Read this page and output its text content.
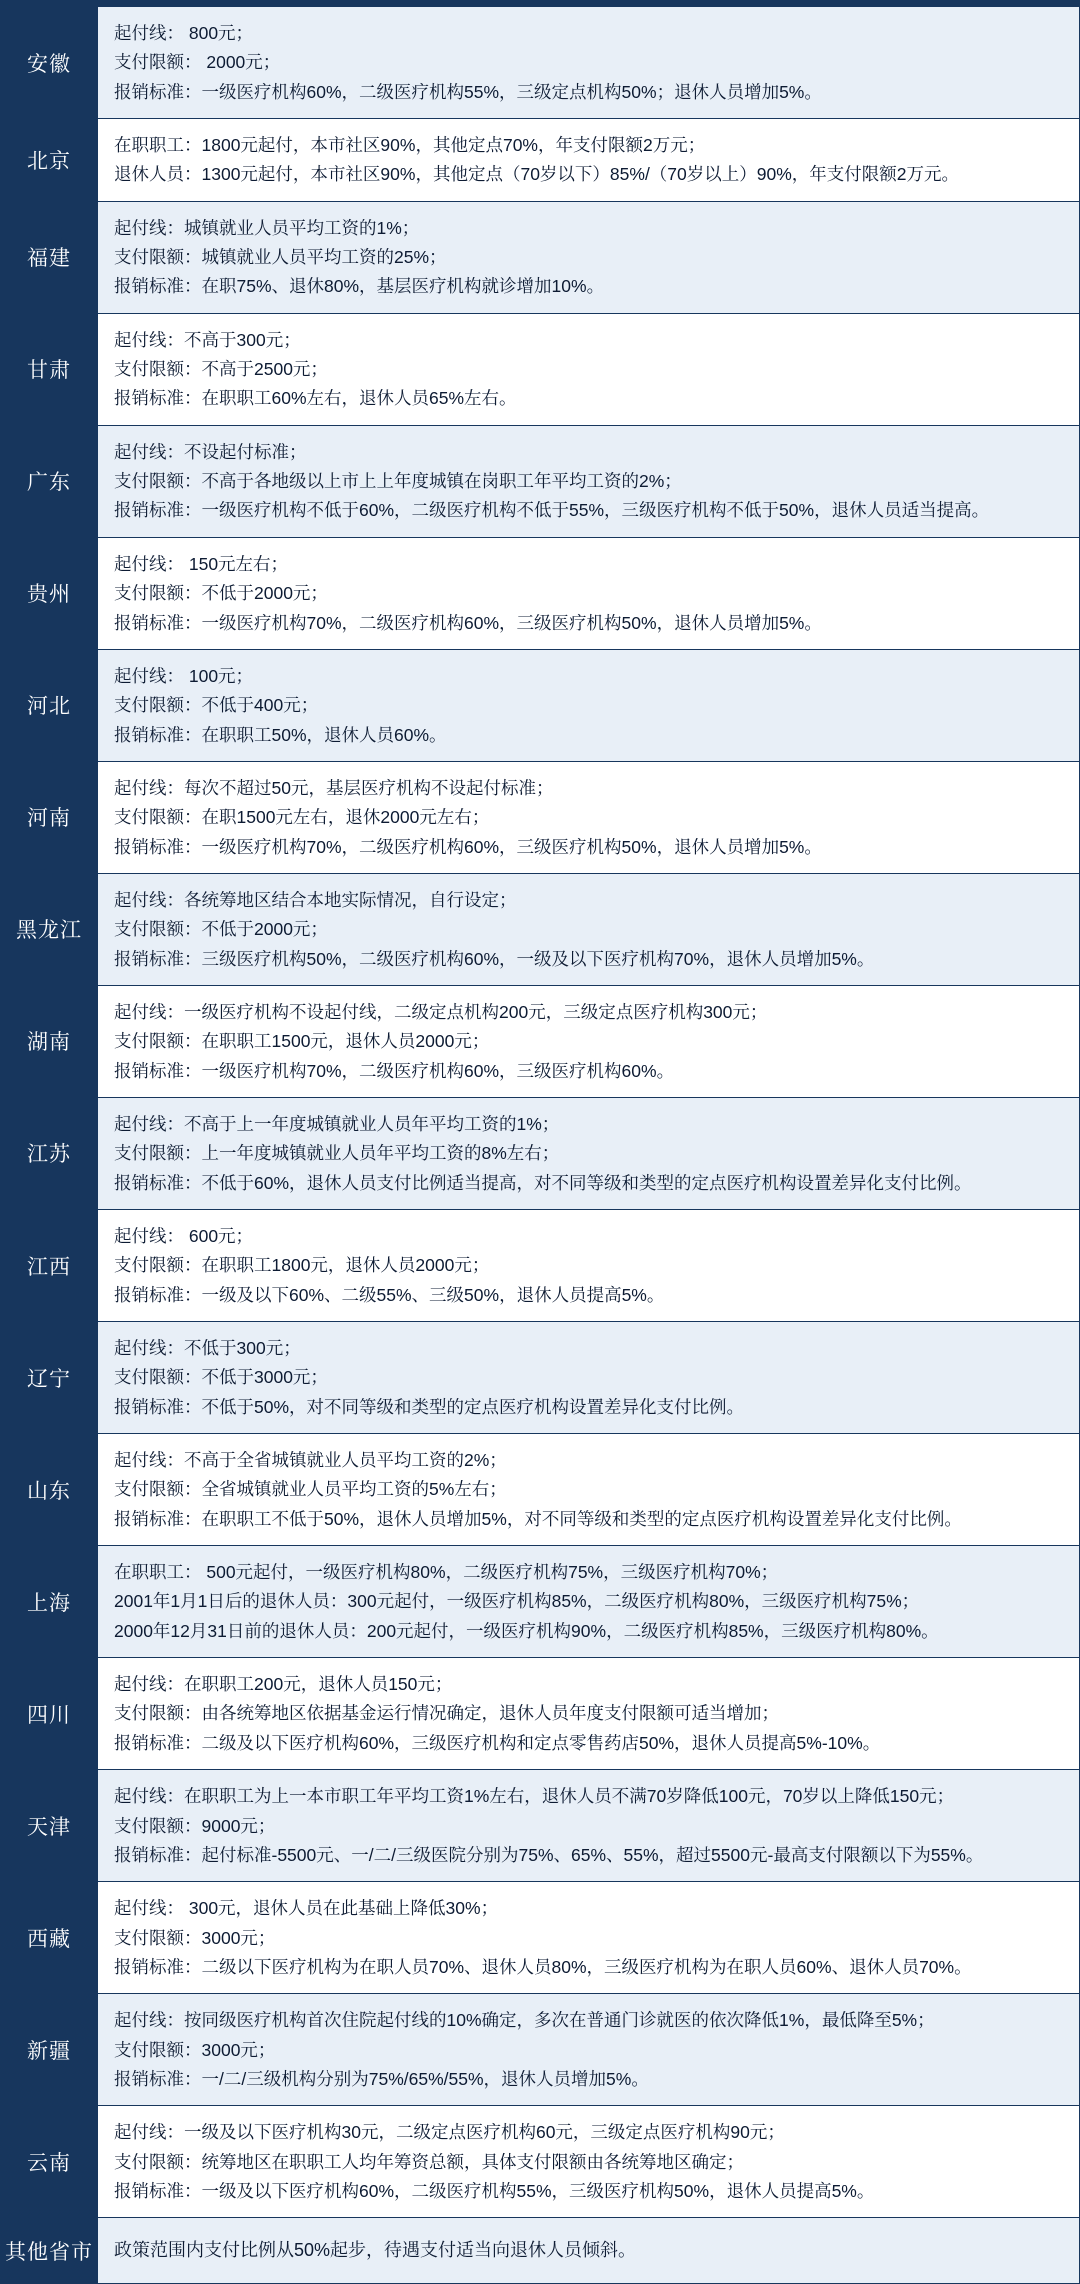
安徽	起付线： 800元；
支付限额： 2000元；
报销标准：一级医疗机构60%，二级医疗机构55%，三级定点机构50%；退休人员增加5%。

北京	在职职工：1800元起付，本市社区90%，其他定点70%，年支付限额2万元；
退休人员：1300元起付，本市社区90%，其他定点（70岁以下）85%/（70岁以上）90%，年支付限额2万元。

福建	起付线：城镇就业人员平均工资的1%；
支付限额：城镇就业人员平均工资的25%；
报销标准：在职75%、退休80%，基层医疗机构就诊增加10%。

甘肃	起付线：不高于300元；
支付限额：不高于2500元；
报销标准：在职职工60%左右，退休人员65%左右。

广东	起付线：不设起付标准；
支付限额：不高于各地级以上市上上年度城镇在岗职工年平均工资的2%；
报销标准：一级医疗机构不低于60%，二级医疗机构不低于55%，三级医疗机构不低于50%，退休人员适当提高。

贵州	起付线： 150元左右；
支付限额：不低于2000元；
报销标准：一级医疗机构70%，二级医疗机构60%，三级医疗机构50%，退休人员增加5%。

河北	起付线： 100元；
支付限额：不低于400元；
报销标准：在职职工50%，退休人员60%。

河南	起付线：每次不超过50元，基层医疗机构不设起付标准；
支付限额：在职1500元左右，退休2000元左右；
报销标准：一级医疗机构70%，二级医疗机构60%，三级医疗机构50%，退休人员增加5%。

黑龙江	起付线：各统筹地区结合本地实际情况，自行设定；
支付限额：不低于2000元；
报销标准：三级医疗机构50%，二级医疗机构60%，一级及以下医疗机构70%，退休人员增加5%。

湖南	起付线：一级医疗机构不设起付线，二级定点机构200元，三级定点医疗机构300元；
支付限额：在职职工1500元，退休人员2000元；
报销标准：一级医疗机构70%，二级医疗机构60%，三级医疗机构60%。

江苏	起付线：不高于上一年度城镇就业人员年平均工资的1%；
支付限额：上一年度城镇就业人员年平均工资的8%左右；
报销标准：不低于60%，退休人员支付比例适当提高，对不同等级和类型的定点医疗机构设置差异化支付比例。

江西	起付线： 600元；
支付限额：在职职工1800元，退休人员2000元；
报销标准：一级及以下60%、二级55%、三级50%，退休人员提高5%。

辽宁	起付线：不低于300元；
支付限额：不低于3000元；
报销标准：不低于50%，对不同等级和类型的定点医疗机构设置差异化支付比例。

山东	起付线：不高于全省城镇就业人员平均工资的2%；
支付限额：全省城镇就业人员平均工资的5%左右；
报销标准：在职职工不低于50%，退休人员增加5%，对不同等级和类型的定点医疗机构设置差异化支付比例。

上海	在职职工： 500元起付，一级医疗机构80%，二级医疗机构75%，三级医疗机构70%；
2001年1月1日后的退休人员：300元起付，一级医疗机构85%，二级医疗机构80%，三级医疗机构75%；
2000年12月31日前的退休人员：200元起付，一级医疗机构90%，二级医疗机构85%，三级医疗机构80%。

四川	起付线：在职职工200元，退休人员150元；
支付限额：由各统筹地区依据基金运行情况确定，退休人员年度支付限额可适当增加；
报销标准：二级及以下医疗机构60%，三级医疗机构和定点零售药店50%，退休人员提高5%-10%。

天津	起付线：在职职工为上一本市职工年平均工资1%左右，退休人员不满70岁降低100元，70岁以上降低150元；
支付限额：9000元；
报销标准：起付标准-5500元、一/二/三级医院分别为75%、65%、55%，超过5500元-最高支付限额以下为55%。

西藏	起付线： 300元，退休人员在此基础上降低30%；
支付限额：3000元；
报销标准：二级以下医疗机构为在职人员70%、退休人员80%，三级医疗机构为在职人员60%、退休人员70%。

新疆	起付线：按同级医疗机构首次住院起付线的10%确定，多次在普通门诊就医的依次降低1%，最低降至5%；
支付限额：3000元；
报销标准：一/二/三级机构分别为75%/65%/55%，退休人员增加5%。

云南	起付线：一级及以下医疗机构30元，二级定点医疗机构60元，三级定点医疗机构90元；
支付限额：统筹地区在职职工人均年筹资总额，具体支付限额由各统筹地区确定；
报销标准：一级及以下医疗机构60%，二级医疗机构55%，三级医疗机构50%，退休人员提高5%。

其他省市	政策范围内支付比例从50%起步，待遇支付适当向退休人员倾斜。
